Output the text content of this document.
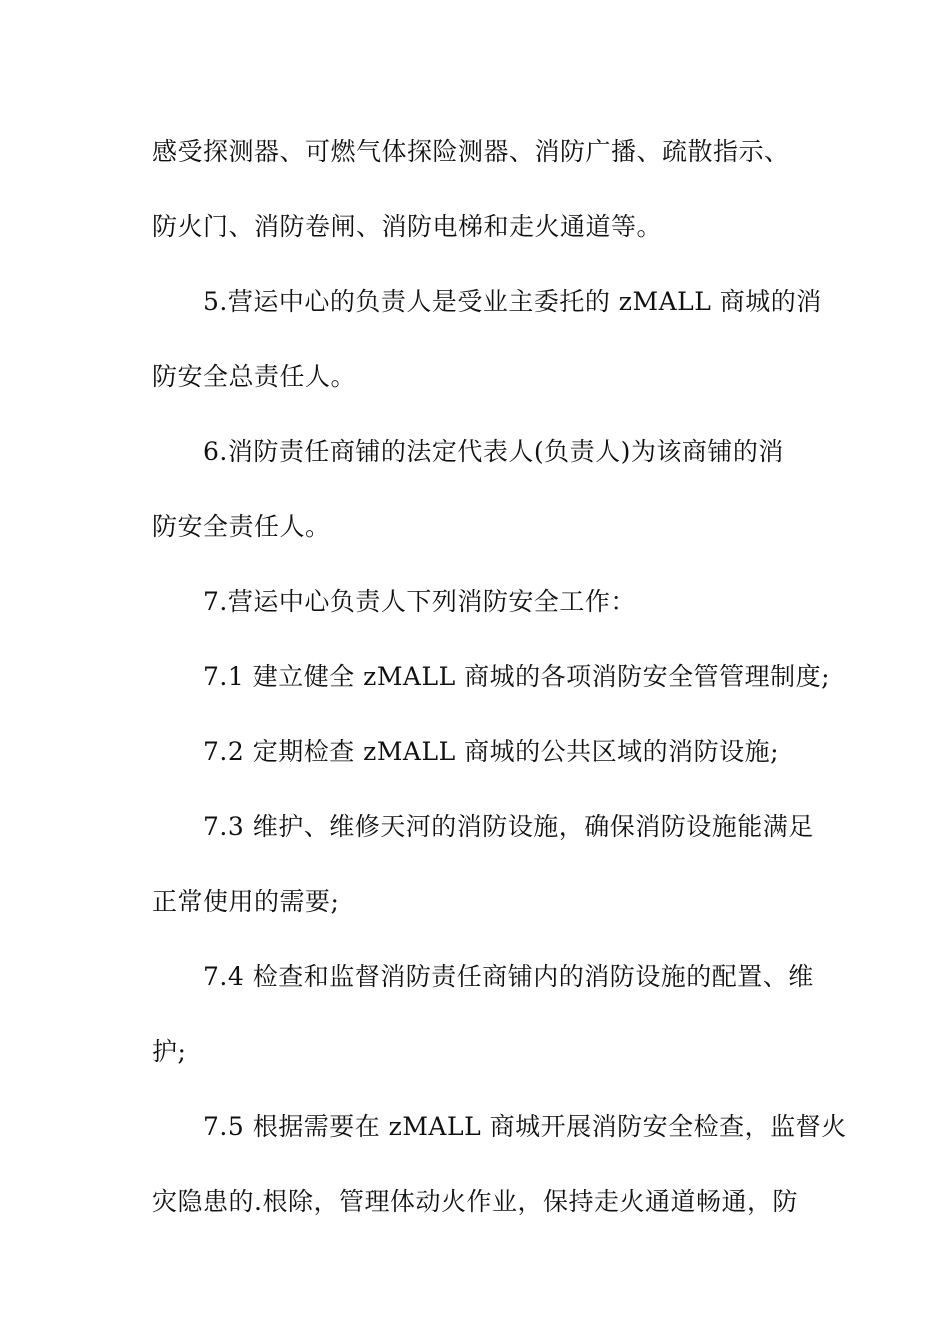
感受探测器、可燃气体探险测器、消防广播、疏散指示、
防火门、消防卷闸、消防电梯和走火通道等。
5.营运中心的负责人是受业主委托的 zMALL 商城的消
防安全总责任人。
6.消防责任商铺的法定代表人(负责人)为该商铺的消
防安全责任人。
7.营运中心负责人下列消防安全工作：
7.1 建立健全 zMALL 商城的各项消防安全管管理制度;
7.2 定期检查 zMALL 商城的公共区域的消防设施;
7.3 维护、维修天河的消防设施，确保消防设施能满足
正常使用的需要;
7.4 检查和监督消防责任商铺内的消防设施的配置、维
护;
7.5 根据需要在 zMALL 商城开展消防安全检查，监督火
灾隐患的.根除，管理体动火作业，保持走火通道畅通，防
